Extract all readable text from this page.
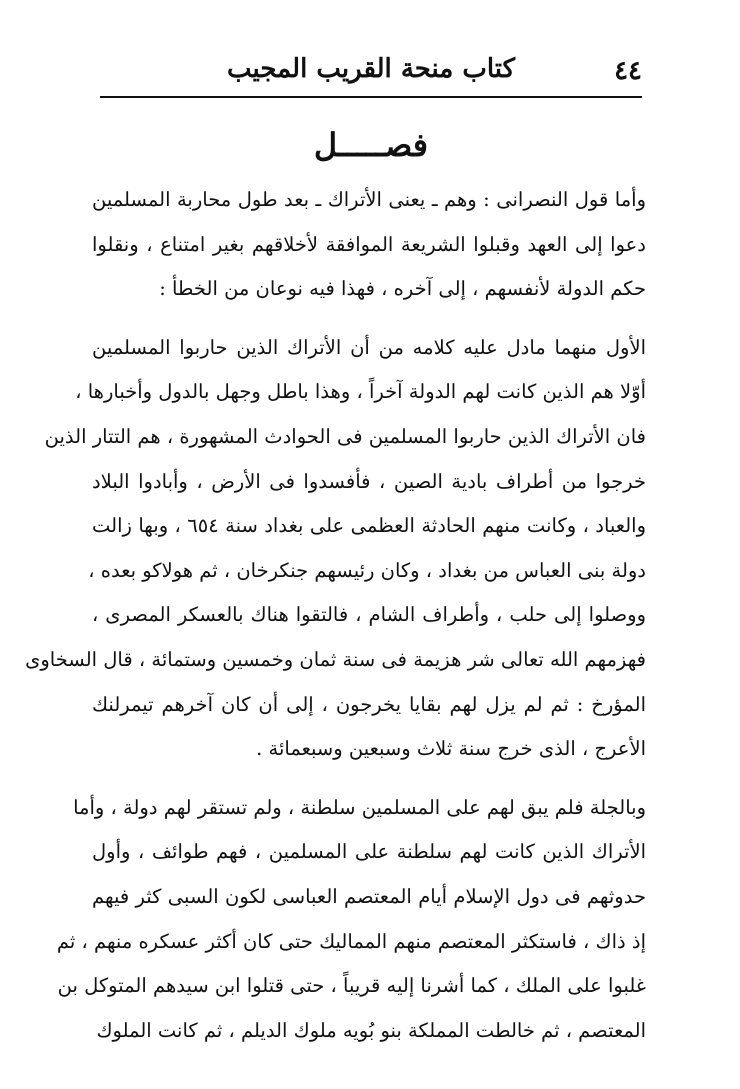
٤٤
كتاب منحة القريب المجيب
فصـــــل
وأما قول النصرانى : وهم ـ يعنى الأتراك ـ بعد طول محاربة المسلمين
دعوا إلى العهد وقبلوا الشريعة الموافقة لأخلاقهم بغير امتناع ، ونقلوا
حكم الدولة لأنفسهم ، إلى آخره ، فهذا فيه نوعان من الخطأ :
الأول منهما مادل عليه كلامه من أن الأتراك الذين حاربوا المسلمين
أوّلا هم الذين كانت لهم الدولة آخراً ، وهذا باطل وجهل بالدول وأخبارها ،
فان الأتراك الذين حاربوا المسلمين فى الحوادث المشهورة ، هم التتار الذين
خرجوا من أطراف بادية الصين ، فأفسدوا فى الأرض ، وأبادوا البلاد
والعباد ، وكانت منهم الحادثة العظمى على بغداد سنة ٦٥٤ ، وبها زالت
دولة بنى العباس من بغداد ، وكان رئيسهم جنكرخان ، ثم هولاكو بعده ،
ووصلوا إلى حلب ، وأطراف الشام ، فالتقوا هناك بالعسكر المصرى ،
فهزمهم الله تعالى شر هزيمة فى سنة ثمان وخمسين وستمائة ، قال السخاوى
المؤرخ : ثم لم يزل لهم بقايا يخرجون ، إلى أن كان آخرهم تيمرلنك
الأعرج ، الذى خرج سنة ثلاث وسبعين وسبعمائة .
وبالجلة فلم يبق لهم على المسلمين سلطنة ، ولم تستقر لهم دولة ، وأما
الأتراك الذين كانت لهم سلطنة على المسلمين ، فهم طوائف ، وأول
حدوثهم فى دول الإسلام أيام المعتصم العباسى لكون السبى كثر فيهم
إذ ذاك ، فاستكثر المعتصم منهم المماليك حتى كان أكثر عسكره منهم ، ثم
غلبوا على الملك ، كما أشرنا إليه قريباً ، حتى قتلوا ابن سيدهم المتوكل بن
المعتصم ، ثم خالطت المملكة بنو بُويه ملوك الديلم ، ثم كانت الملوك
